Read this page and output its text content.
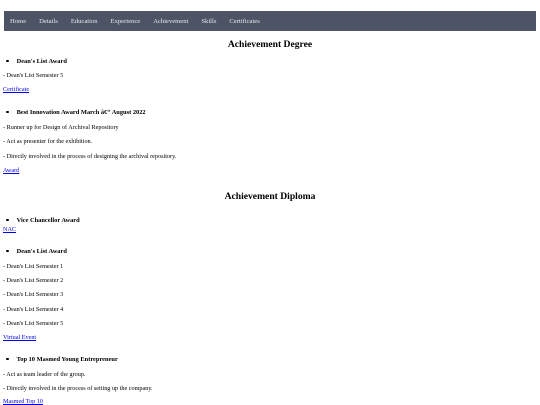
Home Details Education Experience Achievement Skills Certificates
Achievement Degree
Dean's List Award
- Dean's List Semester 5
Certificate
Best Innovation Award March â€“ August 2022
- Runner up for Design of Archival Repository
- Act as presenter for the exhibition.
- Directly involved in the process of designing the archival repository.
Award
Achievement Diploma
Vice Chancellor Award
NAC
Dean's List Award
- Dean's List Semester 1
- Dean's List Semester 2
- Dean's List Semester 3
- Dean's List Semester 4
- Dean's List Semester 5
Virtual Event
Top 10 Masmed Young Entrepreneur
- Act as team leader of the group.
- Directly involved in the process of setting up the company.
Masmed Top 10
